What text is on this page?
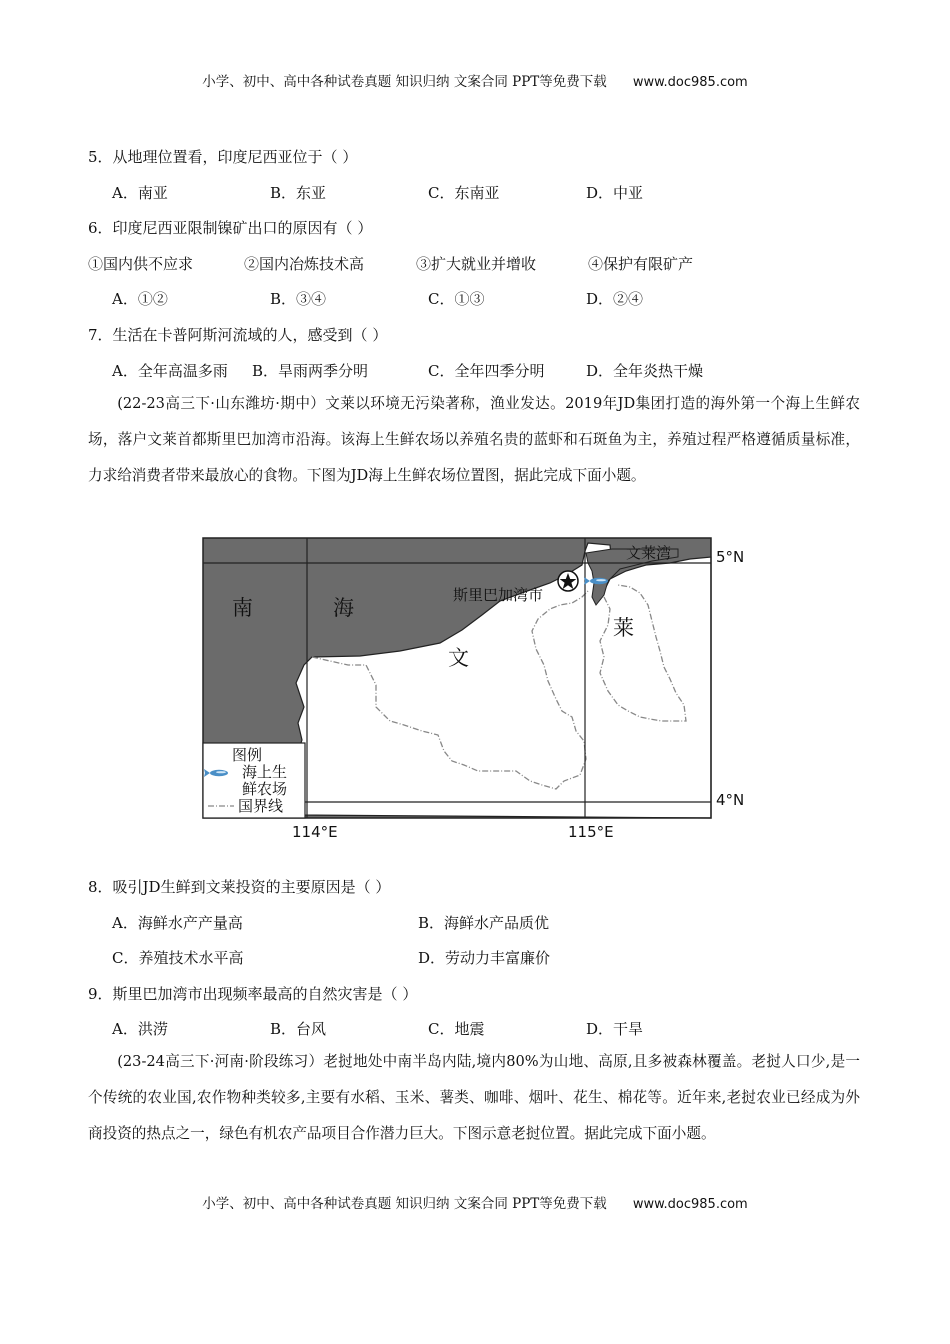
小学、初中、高中各种试卷真题 知识归纳 文案合同 PPT等免费下载 www.doc985.com
5．从地理位置看，印度尼西亚位于（ ）
A．南亚	B．东亚	C．东南亚	D．中亚
6．印度尼西亚限制镍矿出口的原因有（ ）
①国内供不应求	②国内冶炼技术高	③扩大就业并增收	④保护有限矿产
A．①②	B．③④	C．①③	D．②④
7．生活在卡普阿斯河流域的人，感受到（ ）
A．全年高温多雨 B．旱雨两季分明	C．全年四季分明	D．全年炎热干燥
(22-23高三下·山东潍坊·期中）文莱以环境无污染著称，渔业发达。2019年JD集团打造的海外第一个海上生鲜农场，落户文莱首都斯里巴加湾市沿海。该海上生鲜农场以养殖名贵的蓝虾和石斑鱼为主，养殖过程严格遵循质量标准，力求给消费者带来最放心的食物。下图为JD海上生鲜农场位置图，据此完成下面小题。
南	海
文莱湾
斯里巴加湾市
文
莱
5°N
4°N
114°E	115°E
图例
海上生
鲜农场
国界线
8．吸引JD生鲜到文莱投资的主要原因是（ ）
A．海鲜水产产量高	B．海鲜水产品质优
C．养殖技术水平高	D．劳动力丰富廉价
9．斯里巴加湾市出现频率最高的自然灾害是（ ）
A．洪涝	B．台风	C．地震	D．干旱
(23-24高三下·河南·阶段练习）老挝地处中南半岛内陆,境内80%为山地、高原,且多被森林覆盖。老挝人口少,是一个传统的农业国,农作物种类较多,主要有水稻、玉米、薯类、咖啡、烟叶、花生、棉花等。近年来,老挝农业已经成为外商投资的热点之一，绿色有机农产品项目合作潜力巨大。下图示意老挝位置。据此完成下面小题。
小学、初中、高中各种试卷真题 知识归纳 文案合同 PPT等免费下载 www.doc985.com
